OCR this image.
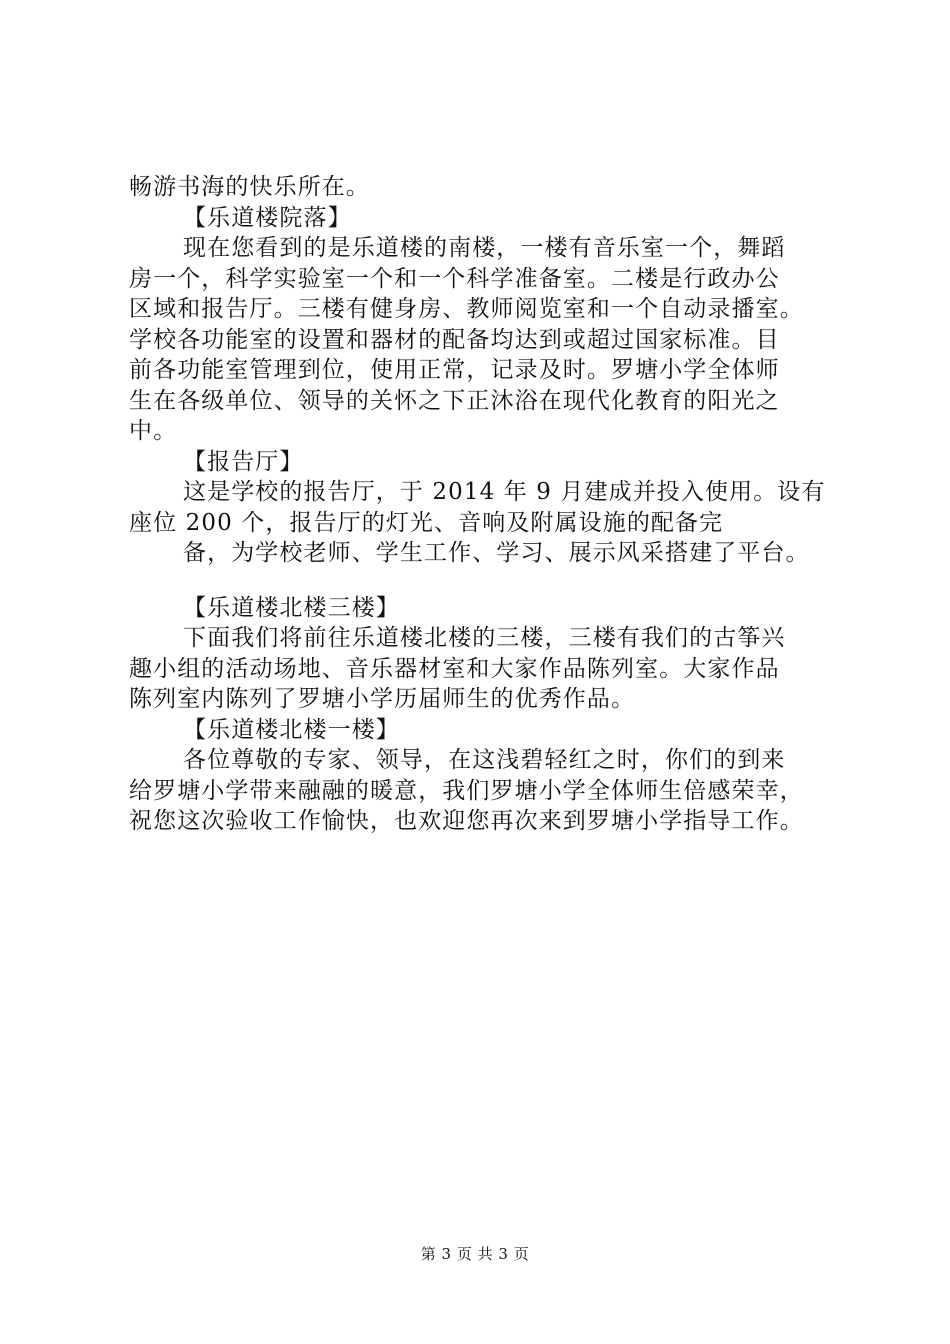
畅游书海的快乐所在。
【乐道楼院落】
现在您看到的是乐道楼的南楼，一楼有音乐室一个，舞蹈
房一个，科学实验室一个和一个科学准备室。二楼是行政办公
区域和报告厅。三楼有健身房、教师阅览室和一个自动录播室。
学校各功能室的设置和器材的配备均达到或超过国家标准。目
前各功能室管理到位，使用正常，记录及时。罗塘小学全体师
生在各级单位、领导的关怀之下正沐浴在现代化教育的阳光之
中。
【报告厅】
这是学校的报告厅，于 2014 年 9 月建成并投入使用。设有
座位 200 个，报告厅的灯光、音响及附属设施的配备完
备，为学校老师、学生工作、学习、展示风采搭建了平台。
【乐道楼北楼三楼】
下面我们将前往乐道楼北楼的三楼，三楼有我们的古筝兴
趣小组的活动场地、音乐器材室和大家作品陈列室。大家作品
陈列室内陈列了罗塘小学历届师生的优秀作品。
【乐道楼北楼一楼】
各位尊敬的专家、领导，在这浅碧轻红之时，你们的到来
给罗塘小学带来融融的暖意，我们罗塘小学全体师生倍感荣幸，
祝您这次验收工作愉快，也欢迎您再次来到罗塘小学指导工作。
第 3 页 共 3 页
